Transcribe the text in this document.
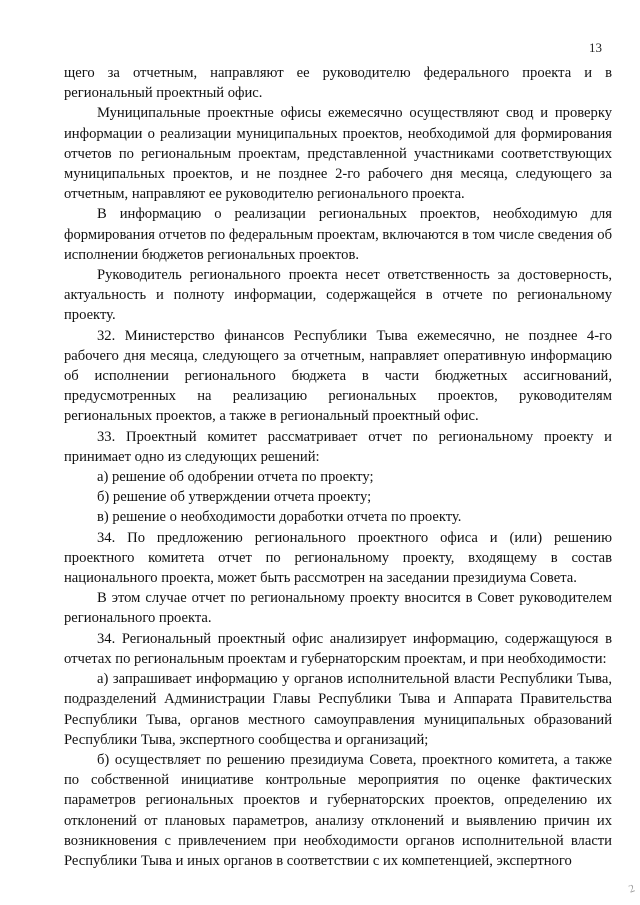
13

щего за отчетным, направляют ее руководителю федерального проекта и в региональный проектный офис.

Муниципальные проектные офисы ежемесячно осуществляют свод и проверку информации о реализации муниципальных проектов, необходимой для формирования отчетов по региональным проектам, представленной участниками соответствующих муниципальных проектов, и не позднее 2-го рабочего дня месяца, следующего за отчетным, направляют ее руководителю регионального проекта.

В информацию о реализации региональных проектов, необходимую для формирования отчетов по федеральным проектам, включаются в том числе сведения об исполнении бюджетов региональных проектов.

Руководитель регионального проекта несет ответственность за достоверность, актуальность и полноту информации, содержащейся в отчете по региональному проекту.

32. Министерство финансов Республики Тыва ежемесячно, не позднее 4-го рабочего дня месяца, следующего за отчетным, направляет оперативную информацию об исполнении регионального бюджета в части бюджетных ассигнований, предусмотренных на реализацию региональных проектов, руководителям региональных проектов, а также в региональный проектный офис.

33. Проектный комитет рассматривает отчет по региональному проекту и принимает одно из следующих решений:

а) решение об одобрении отчета по проекту;

б) решение об утверждении отчета проекту;

в) решение о необходимости доработки отчета по проекту.

34. По предложению регионального проектного офиса и (или) решению проектного комитета отчет по региональному проекту, входящему в состав национального проекта, может быть рассмотрен на заседании президиума Совета.

В этом случае отчет по региональному проекту вносится в Совет руководителем регионального проекта.

34. Региональный проектный офис анализирует информацию, содержащуюся в отчетах по региональным проектам и губернаторским проектам, и при необходимости:

а) запрашивает информацию у органов исполнительной власти Республики Тыва, подразделений Администрации Главы Республики Тыва и Аппарата Правительства Республики Тыва, органов местного самоуправления муниципальных образований Республики Тыва, экспертного сообщества и организаций;

б) осуществляет по решению президиума Совета, проектного комитета, а также по собственной инициативе контрольные мероприятия по оценке фактических параметров региональных проектов и губернаторских проектов, определению их отклонений от плановых параметров, анализу отклонений и выявлению причин их возникновения с привлечением при необходимости органов исполнительной власти Республики Тыва и иных органов в соответствии с их компетенцией, экспертного

2
